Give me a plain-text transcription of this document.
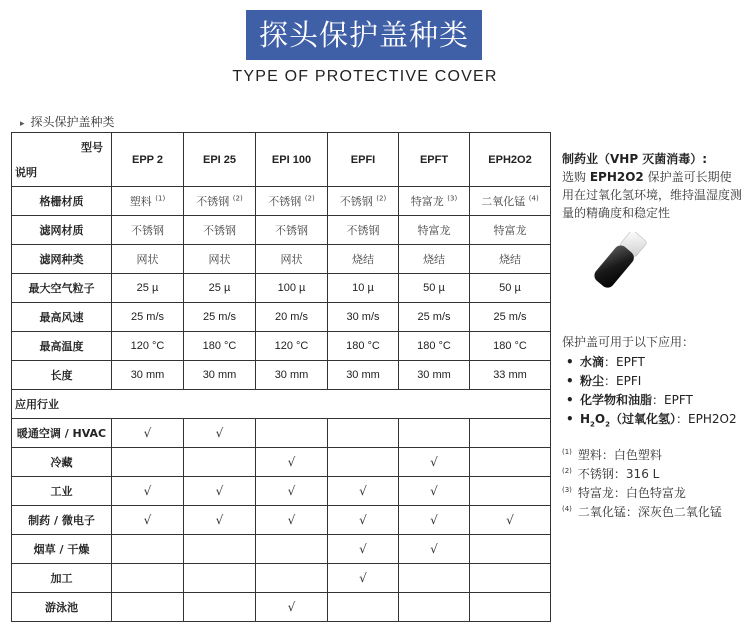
探头保护盖种类
TYPE OF PROTECTIVE COVER
▸ 探头保护盖种类
型号
说明	EPP 2	EPI 25	EPI 100	EPFI	EPFT	EPH2O2
格栅材质	塑料 $^{(1)}$	不锈钢 $^{(2)}$	不锈钢 $^{(2)}$	不锈钢 $^{(2)}$	特富龙 $^{(3)}$	二氧化锰 $^{(4)}$
滤网材质	不锈钢	不锈钢	不锈钢	不锈钢	特富龙	特富龙
滤网种类	网状	网状	网状	烧结	烧结	烧结
最大空气粒子	25 µ	25 µ	100 µ	10 µ	50 µ	50 µ
最高风速	25 m/s	25 m/s	20 m/s	30 m/s	25 m/s	25 m/s
最高温度	120 °C	180 °C	120 °C	180 °C	180 °C	180 °C
长度	30 mm	30 mm	30 mm	30 mm	30 mm	33 mm
应用行业						
暖通空调 / HVAC	√	√				
冷藏			√		√	
工业	√	√	√	√	√	
制药 / 微电子	√	√	√	√	√	√
烟草 / 干燥				√	√	
加工				√		
游泳池			√			
制药业（VHP 灭菌消毒）:
选购 EPH2O2 保护盖可长期使用在过氧化氢环境，维持温湿度测量的精确度和稳定性
保护盖可用于以下应用：
• 水滴：EPFT
• 粉尘：EPFI
• 化学物和油脂：EPFT
• $H_2O_2$（过氧化氢）：EPH2O2
$^{(1)}$ 塑料：白色塑料
$^{(2)}$ 不锈钢：316 L
$^{(3)}$ 特富龙：白色特富龙
$^{(4)}$ 二氧化锰：深灰色二氧化锰
